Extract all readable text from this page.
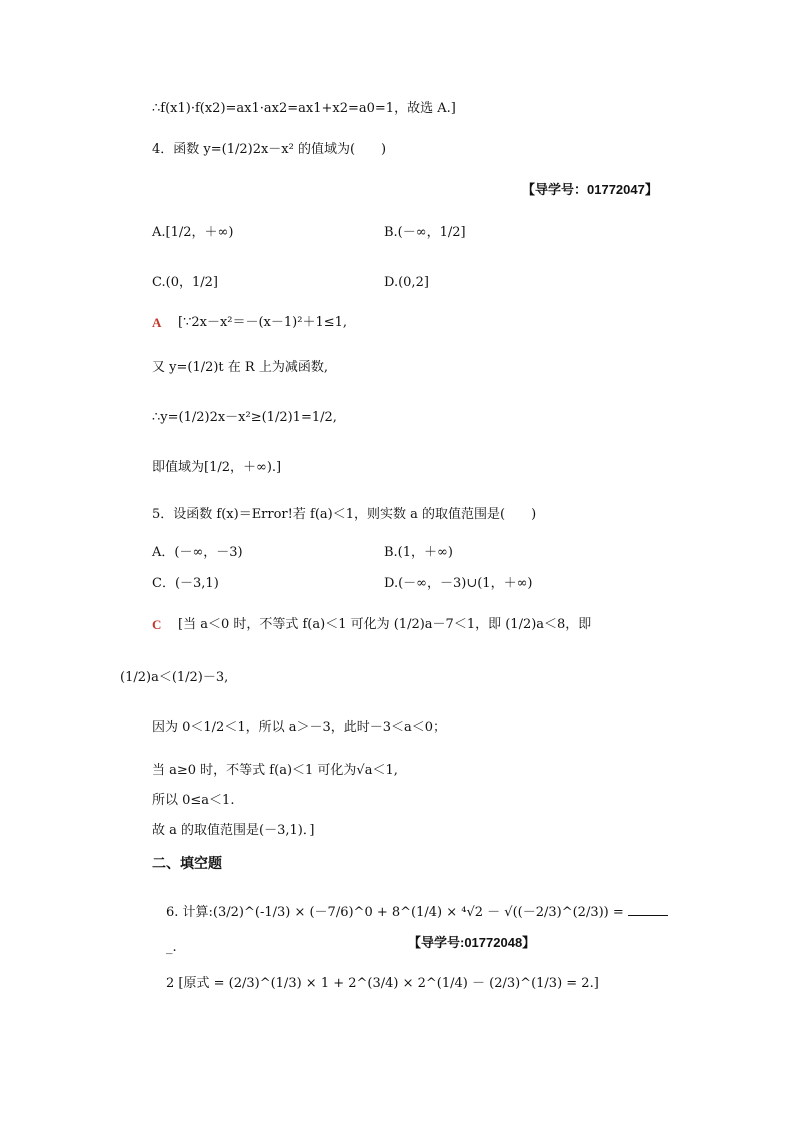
∴f(x1)·f(x2)=ax1·ax2=ax1+x2=a0=1，故选 A.]
4．函数 y=(1/2)2x－x² 的值域为(　　)
【导学号：01772047】
A.[1/2，＋∞)	B.(－∞，1/2]
C.(0，1/2]	D.(0,2]
A [∵2x－x²＝－(x－1)²＋1≤1,
又 y=(1/2)t 在 R 上为减函数,
∴y=(1/2)2x－x²≥(1/2)1=1/2,
即值域为[1/2，＋∞).]
5．设函数 f(x)＝Error!若 f(a)＜1，则实数 a 的取值范围是(　　)
A．(－∞，－3)	B.(1，＋∞)
C．(－3,1)	D.(－∞，－3)∪(1，＋∞)
C [当 a＜0 时，不等式 f(a)＜1 可化为 (1/2)a－7＜1，即 (1/2)a＜8，即
(1/2)a＜(1/2)－3,
因为 0＜1/2＜1，所以 a＞－3，此时－3＜a＜0；
当 a≥0 时，不等式 f(a)＜1 可化为√a＜1,
所以 0≤a＜1.
故 a 的取值范围是(－3,1)．]
二、填空题
6. 计算:(3/2)^(-1/3) × (－7/6)^0 + 8^(1/4) × ⁴√2 － √((－2/3)^(2/3)) =
_.	【导学号:01772048】
2 [原式 = (2/3)^(1/3) × 1 + 2^(3/4) × 2^(1/4) － (2/3)^(1/3) = 2.]
